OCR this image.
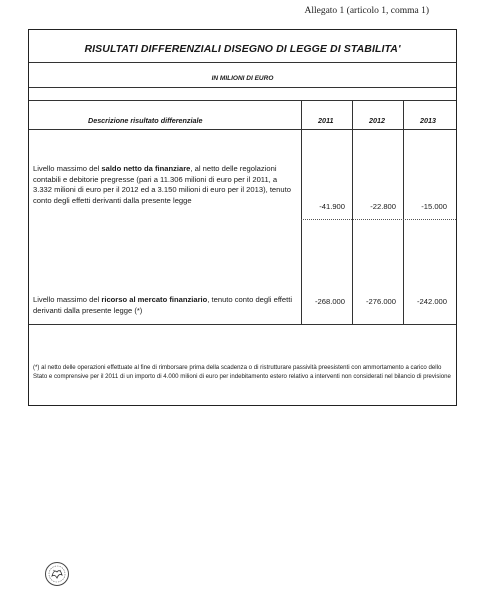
Allegato 1 (articolo 1, comma 1)
RISULTATI DIFFERENZIALI DISEGNO DI LEGGE DI STABILITA'
IN MILIONI DI EURO
Descrizione risultato differenziale	2011	2012	2013
Livello massimo del saldo netto da finanziare, al netto delle regolazioni contabili e debitorie pregresse (pari a 11.306 milioni di euro per il 2011, a 3.332 milioni di euro per il 2012 ed a 3.150 milioni di euro per il 2013), tenuto conto degli effetti derivanti dalla presente legge
-41.900	-22.800	-15.000
Livello massimo del ricorso al mercato finanziario, tenuto conto degli effetti derivanti dalla presente legge (*)
-268.000	-276.000	-242.000
(*) al netto delle operazioni effettuate al fine di rimborsare prima della scadenza o di ristrutturare passività preesistenti con ammortamento a carico dello Stato e comprensive per il 2011 di un importo di 4.000 milioni di euro per indebitamento estero relativo a interventi non considerati nel bilancio di previsione
